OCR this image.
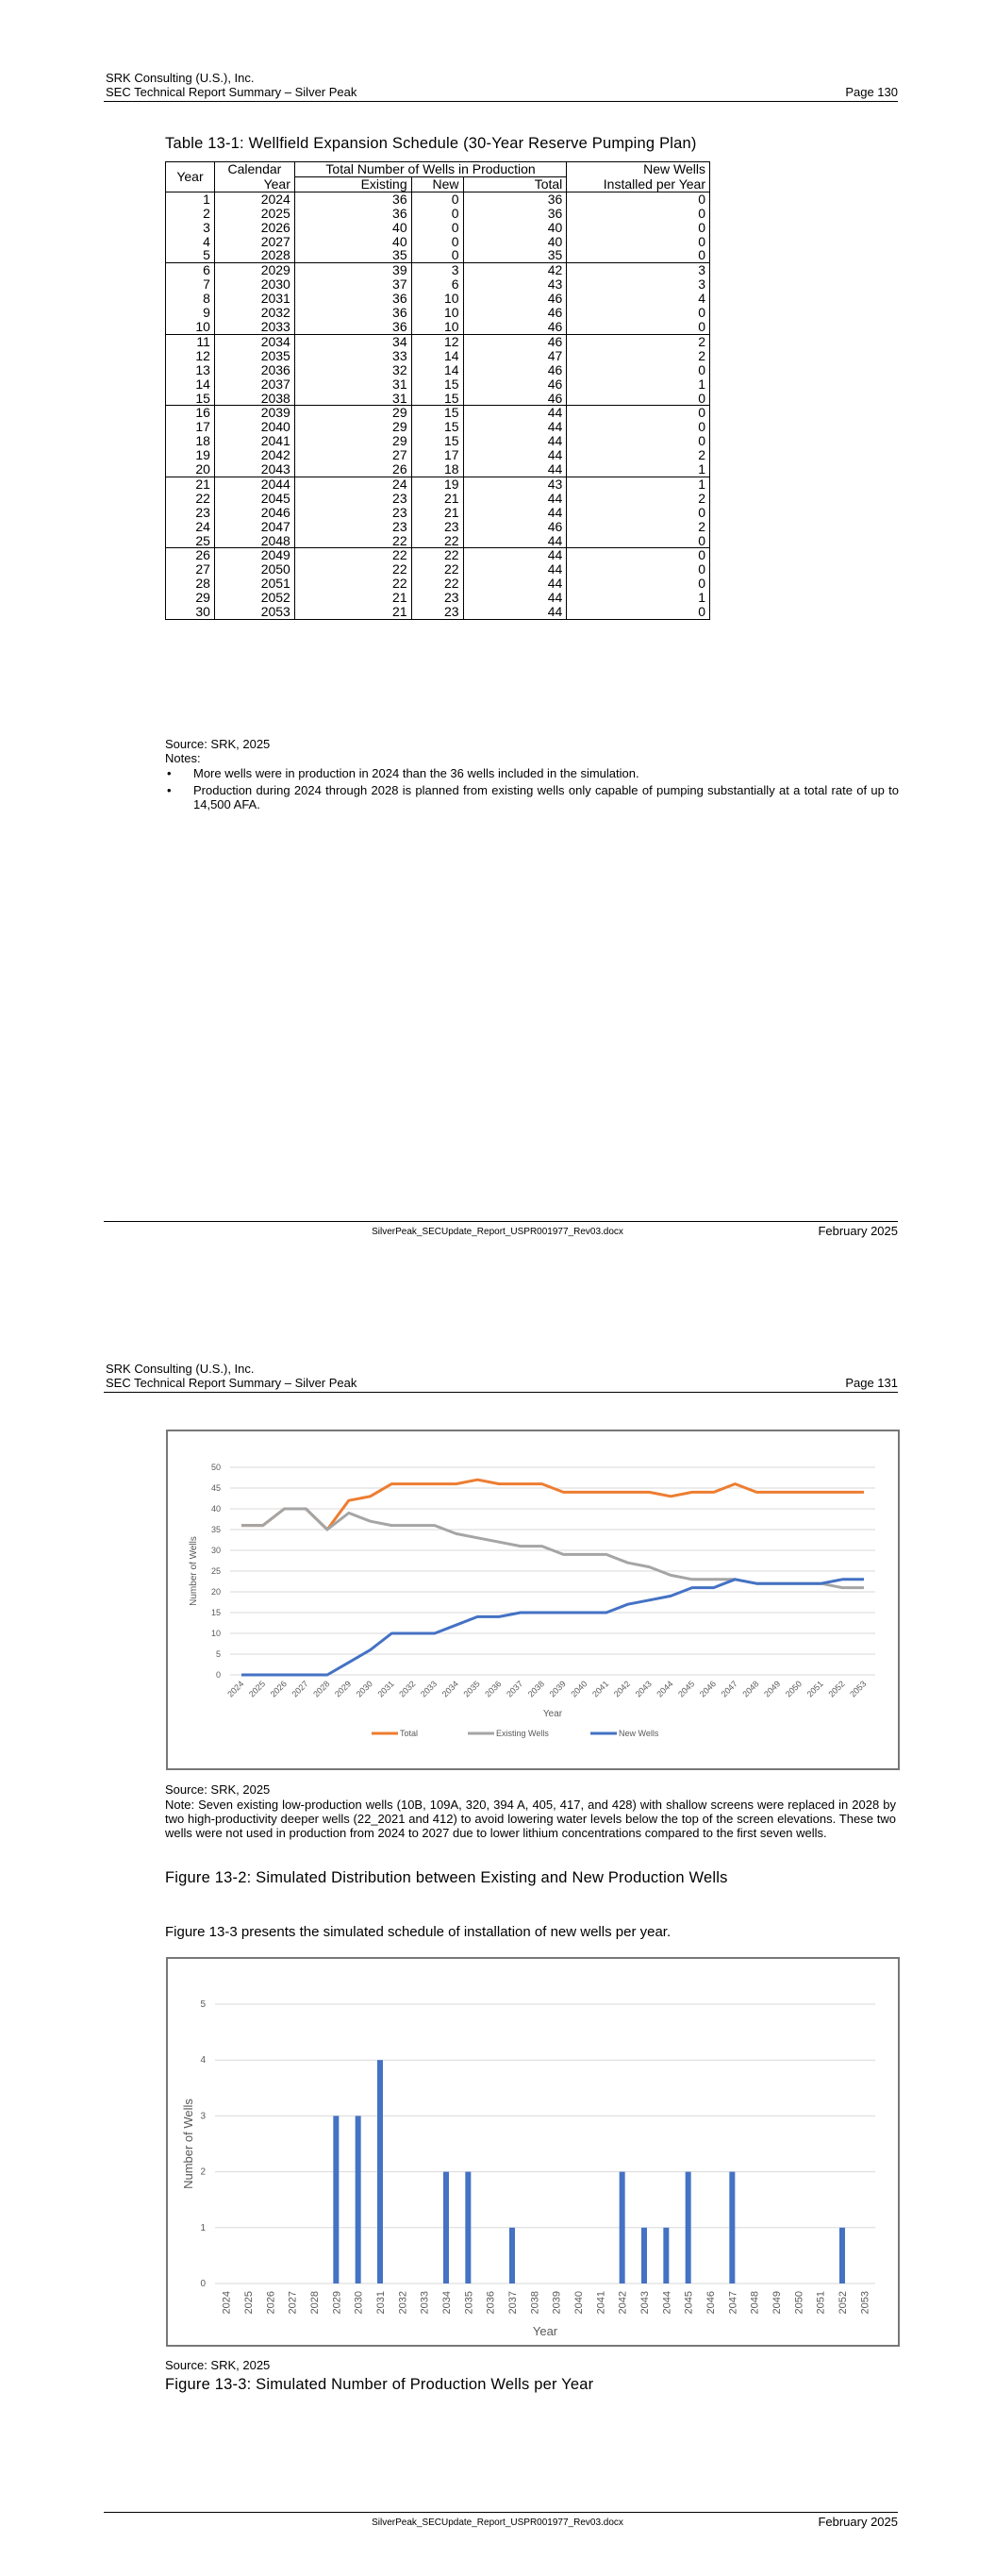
SRK Consulting (U.S.), Inc.
SEC Technical Report Summary – Silver Peak	Page 130
Table 13-1: Wellfield Expansion Schedule (30-Year Reserve Pumping Plan)
Year	Calendar	Total Number of Wells in Production			New Wells
	Year	Existing	New	Total	Installed per Year
1	2024	36	0	36	0
2	2025	36	0	36	0
3	2026	40	0	40	0
4	2027	40	0	40	0
5	2028	35	0	35	0
6	2029	39	3	42	3
7	2030	37	6	43	3
8	2031	36	10	46	4
9	2032	36	10	46	0
10	2033	36	10	46	0
11	2034	34	12	46	2
12	2035	33	14	47	2
13	2036	32	14	46	0
14	2037	31	15	46	1
15	2038	31	15	46	0
16	2039	29	15	44	0
17	2040	29	15	44	0
18	2041	29	15	44	0
19	2042	27	17	44	2
20	2043	26	18	44	1
21	2044	24	19	43	1
22	2045	23	21	44	2
23	2046	23	21	44	0
24	2047	23	23	46	2
25	2048	22	22	44	0
26	2049	22	22	44	0
27	2050	22	22	44	0
28	2051	22	22	44	0
29	2052	21	23	44	1
30	2053	21	23	44	0
Source: SRK, 2025
Notes:
• More wells were in production in 2024 than the 36 wells included in the simulation.
• Production during 2024 through 2028 is planned from existing wells only capable of pumping substantially at a total rate of up to 14,500 AFA.
SilverPeak_SECUpdate_Report_USPR001977_Rev03.docx	February 2025
SRK Consulting (U.S.), Inc.
SEC Technical Report Summary – Silver Peak	Page 131
0
5
10
15
20
25
30
35
40
45
50
2024 2025 2026 2027 2028 2029 2030 2031 2032 2033 2034 2035 2036 2037 2038 2039 2040 2041 2042 2043 2044 2045 2046 2047 2048 2049 2050 2051 2052 2053
Number of Wells
Year
Total	Existing Wells	New Wells
Source: SRK, 2025
Note: Seven existing low-production wells (10B, 109A, 320, 394 A, 405, 417, and 428) with shallow screens were replaced in 2028 by two high-productivity deeper wells (22_2021 and 412) to avoid lowering water levels below the top of the screen elevations. These two wells were not used in production from 2024 to 2027 due to lower lithium concentrations compared to the first seven wells.
Figure 13-2: Simulated Distribution between Existing and New Production Wells
Figure 13-3 presents the simulated schedule of installation of new wells per year.
0
1
2
3
4
5
2024 2025 2026 2027 2028 2029 2030 2031 2032 2033 2034 2035 2036 2037 2038 2039 2040 2041 2042 2043 2044 2045 2046 2047 2048 2049 2050 2051 2052 2053
Number of Wells
Year
Source: SRK, 2025
Figure 13-3: Simulated Number of Production Wells per Year
SilverPeak_SECUpdate_Report_USPR001977_Rev03.docx	February 2025
